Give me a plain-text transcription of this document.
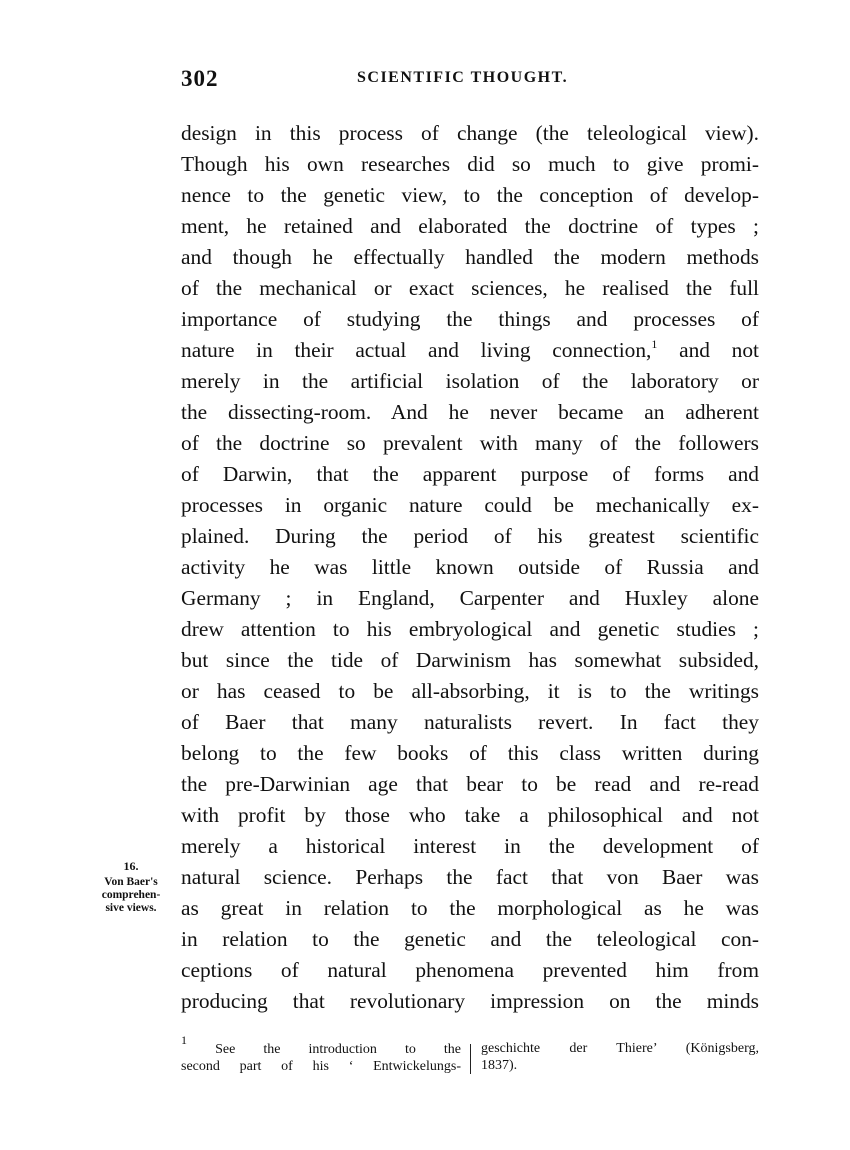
302	SCIENTIFIC THOUGHT.
design in this process of change (the teleological view).
Though his own researches did so much to give promi-
nence to the genetic view, to the conception of develop-
ment, he retained and elaborated the doctrine of types ;
and though he effectually handled the modern methods
of the mechanical or exact sciences, he realised the full
importance of studying the things and processes of
nature in their actual and living connection,$^1$ and not
merely in the artificial isolation of the laboratory or
the dissecting-room. And he never became an adherent
of the doctrine so prevalent with many of the followers
of Darwin, that the apparent purpose of forms and
processes in organic nature could be mechanically ex-
plained. During the period of his greatest scientific
activity he was little known outside of Russia and
Germany ; in England, Carpenter and Huxley alone
drew attention to his embryological and genetic studies ;
but since the tide of Darwinism has somewhat subsided,
or has ceased to be all-absorbing, it is to the writings
of Baer that many naturalists revert. In fact they
belong to the few books of this class written during
the pre-Darwinian age that bear to be read and re-read
with profit by those who take a philosophical and not
merely a historical interest in the development of
natural science. Perhaps the fact that von Baer was
as great in relation to the morphological as he was
in relation to the genetic and the teleological con-
ceptions of natural phenomena prevented him from
producing that revolutionary impression on the minds
16.
Von Baer's
comprehen-
sive views.
$^1$ See the introduction to the
second part of his ‘ Entwickelungs-
geschichte der Thiere’ (Königsberg,
1837).
